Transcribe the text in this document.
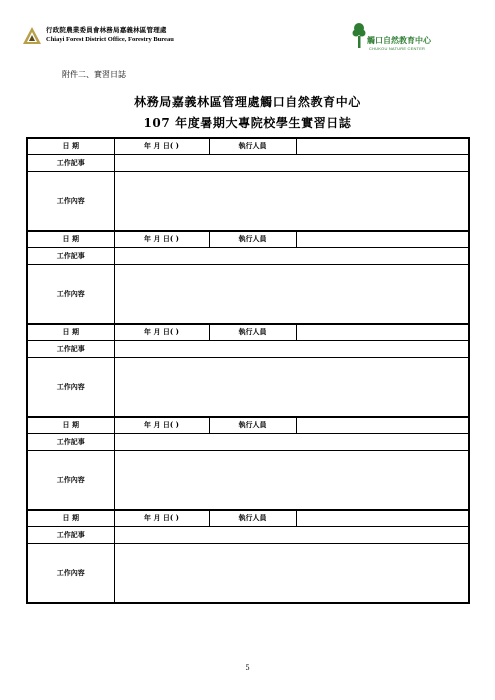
行政院農業委員會林務局嘉義林區管理處
Chiayi Forest District Office, Forestry Bureau	觸口自然教育中心
CHUKOU NATURE CENTER
附件二、實習日誌
林務局嘉義林區管理處觸口自然教育中心
107 年度暑期大專院校學生實習日誌
日 期	年 月 日( )	執行人員	
工作記事			
工作內容			
日 期	年 月 日( )	執行人員	
工作記事			
工作內容			
日 期	年 月 日( )	執行人員	
工作記事			
工作內容			
日 期	年 月 日( )	執行人員	
工作記事			
工作內容			
日 期	年 月 日( )	執行人員	
工作記事			
工作內容			
5
